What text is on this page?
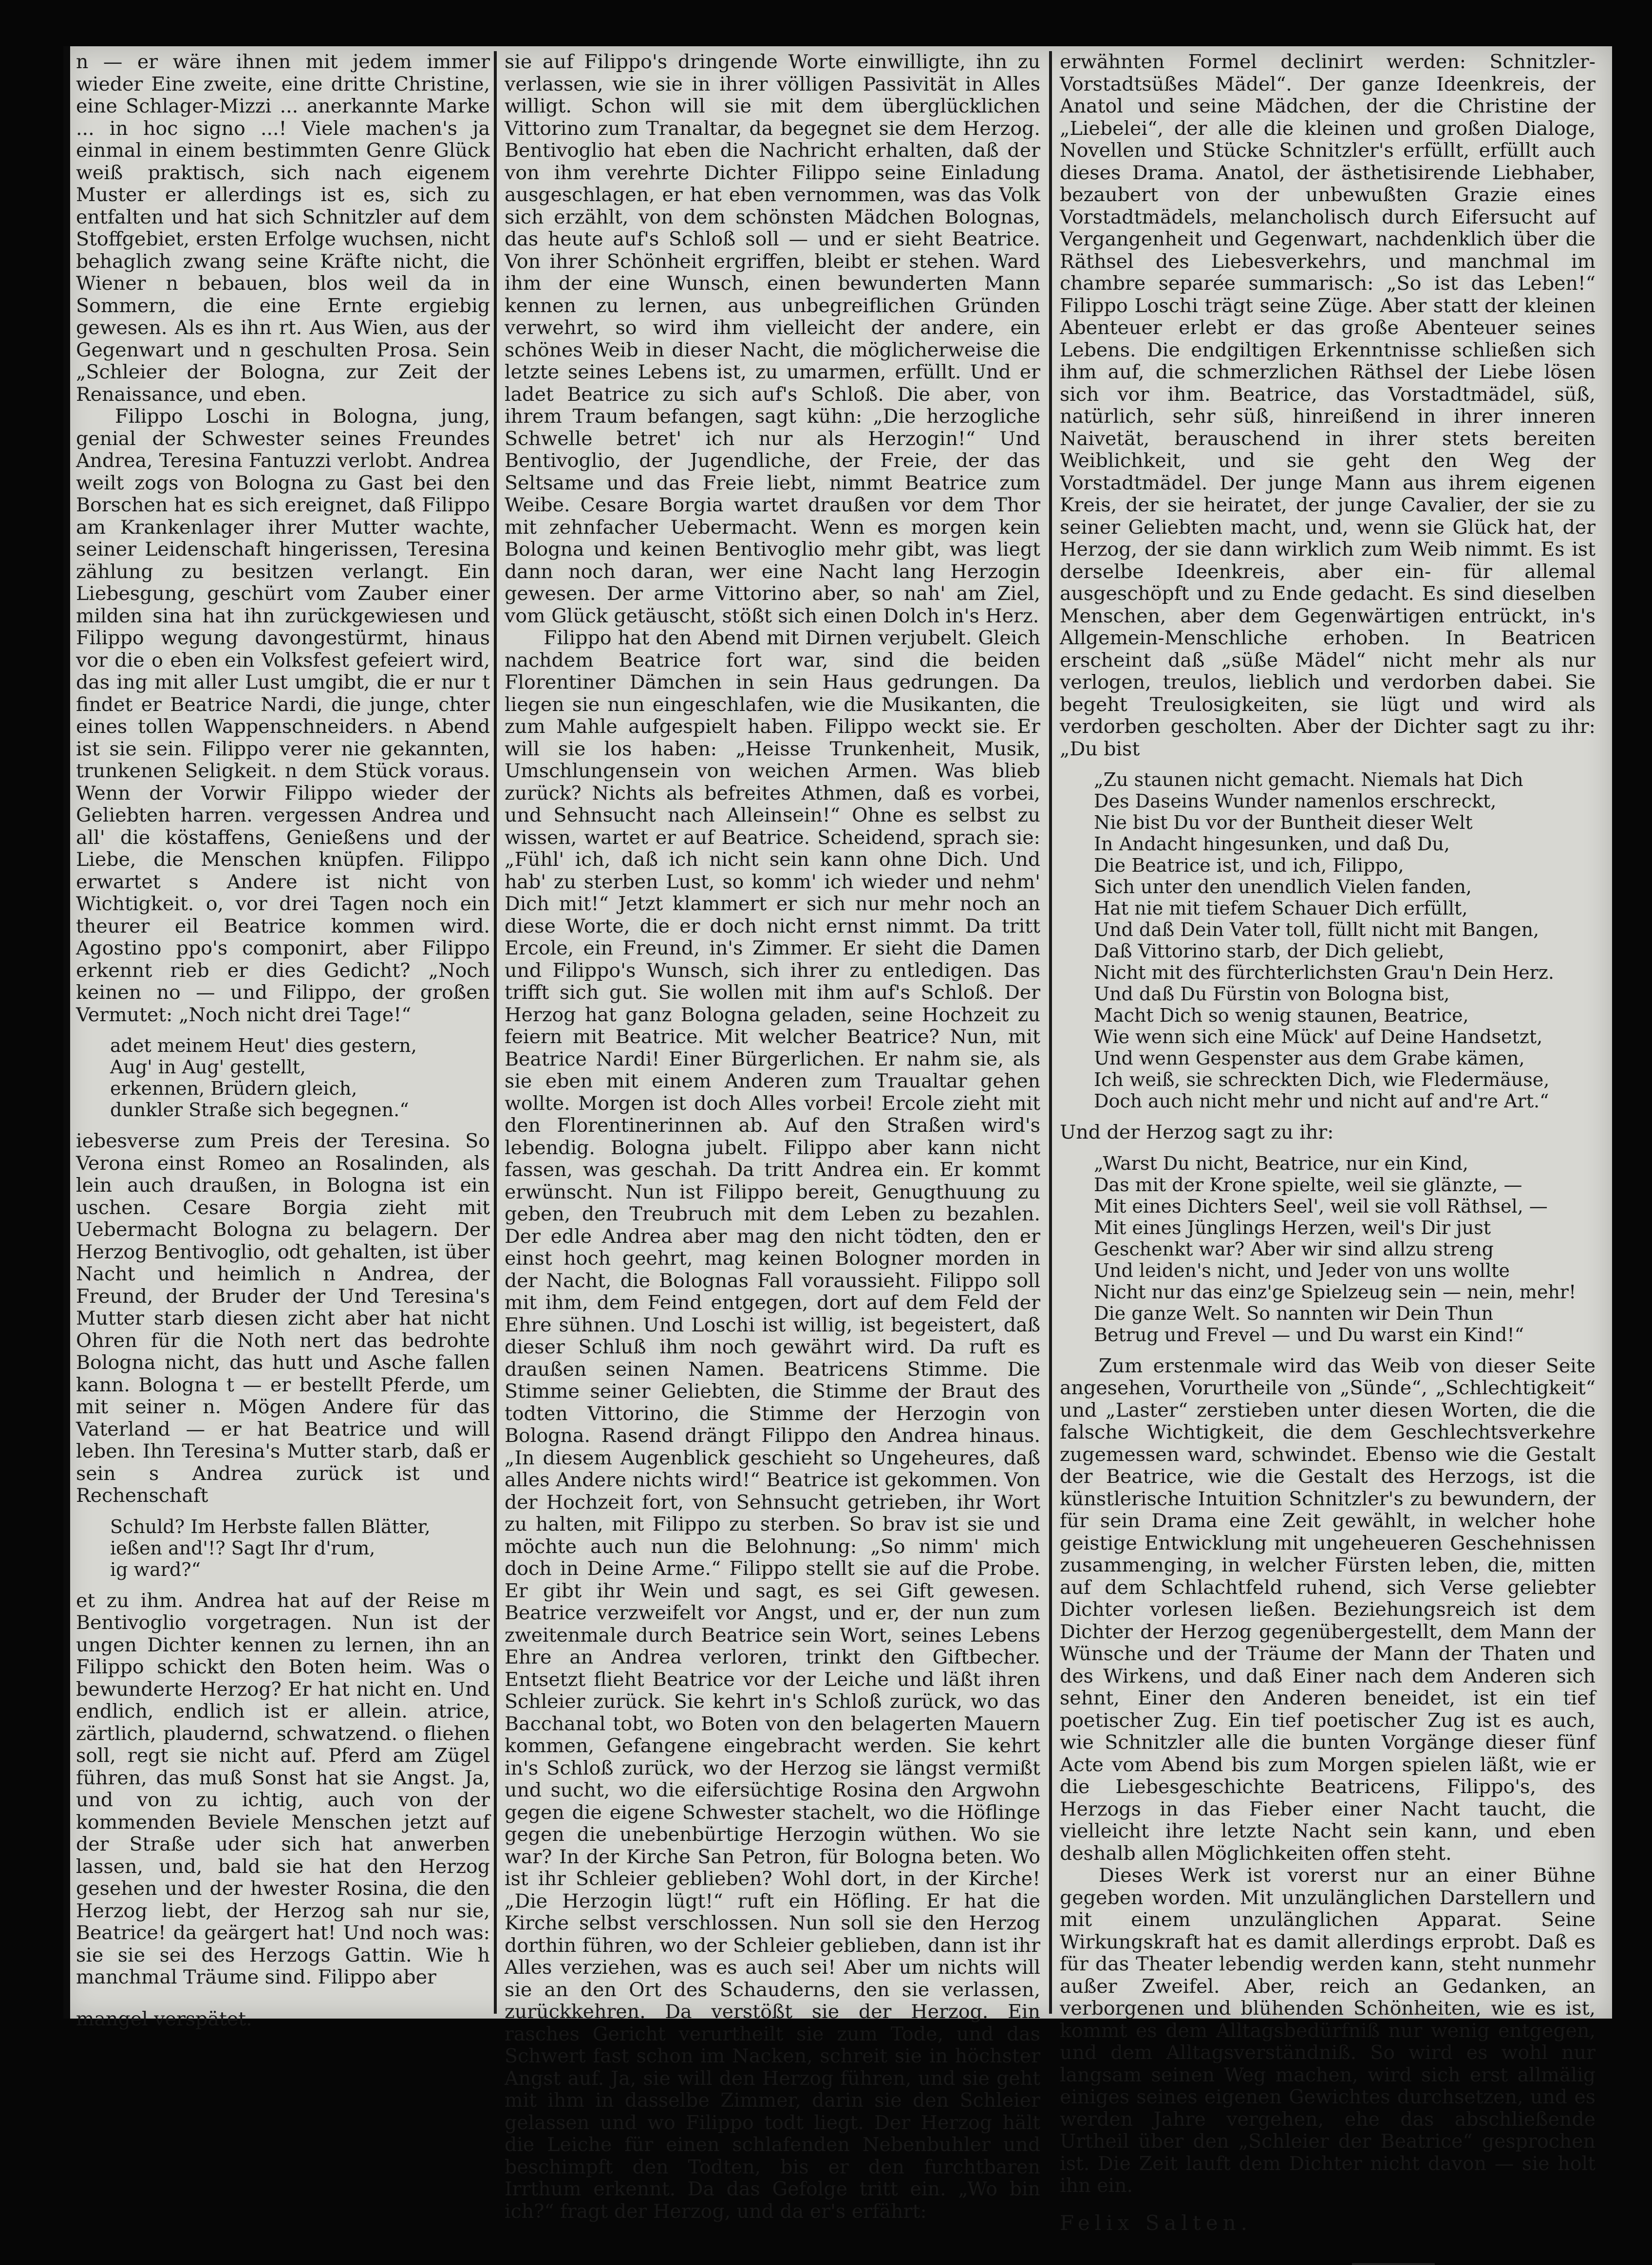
n — er wäre ihnen mit jedem immer wieder Eine zweite, eine dritte Christine, eine Schlager-Mizzi ... anerkannte Marke ... in hoc signo ...! Viele machen's ja einmal in einem bestimmten Genre Glück weiß praktisch, sich nach eigenem Muster er allerdings ist es, sich zu entfalten und hat sich Schnitzler auf dem Stoffgebiet, ersten Erfolge wuchsen, nicht behaglich zwang seine Kräfte nicht, die Wiener n bebauen, blos weil da in Sommern, die eine Ernte ergiebig gewesen. Als es ihn rt. Aus Wien, aus der Gegenwart und n geschulten Prosa. Sein „Schleier der Bologna, zur Zeit der Renaissance, und eben.

Filippo Loschi in Bologna, jung, genial der Schwester seines Freundes Andrea, Teresina Fantuzzi verlobt. Andrea weilt zogs von Bologna zu Gast bei den Borschen hat es sich ereignet, daß Filippo am Krankenlager ihrer Mutter wachte, seiner Leidenschaft hingerissen, Teresina zählung zu besitzen verlangt. Ein Liebesgung, geschürt vom Zauber einer milden sina hat ihn zurückgewiesen und Filippo wegung davongestürmt, hinaus vor die o eben ein Volksfest gefeiert wird, das ing mit aller Lust umgibt, die er nur t findet er Beatrice Nardi, die junge, chter eines tollen Wappenschneiders. n Abend ist sie sein. Filippo verer nie gekannten, trunkenen Seligkeit. n dem Stück voraus. Wenn der Vorwir Filippo wieder der Geliebten harren. vergessen Andrea und all' die köstaffens, Genießens und der Liebe, die Menschen knüpfen. Filippo erwartet s Andere ist nicht von Wichtigkeit. o, vor drei Tagen noch ein theurer eil Beatrice kommen wird. Agostino ppo's componirt, aber Filippo erkennt rieb er dies Gedicht? „Noch keinen no — und Filippo, der großen Vermutet: „Noch nicht drei Tage!“

adet meinem Heut' dies gestern,
Aug' in Aug' gestellt,
erkennen, Brüdern gleich,
dunkler Straße sich begegnen.“

iebesverse zum Preis der Teresina. So Verona einst Romeo an Rosalinden, als lein auch draußen, in Bologna ist ein uschen. Cesare Borgia zieht mit Uebermacht Bologna zu belagern. Der Herzog Bentivoglio, odt gehalten, ist über Nacht und heimlich n Andrea, der Freund, der Bruder der Und Teresina's Mutter starb diesen zicht aber hat nicht Ohren für die Noth nert das bedrohte Bologna nicht, das hutt und Asche fallen kann. Bologna t — er bestellt Pferde, um mit seiner n. Mögen Andere für das Vaterland — er hat Beatrice und will leben. Ihn Teresina's Mutter starb, daß er sein s Andrea zurück ist und Rechenschaft

Schuld? Im Herbste fallen Blätter,
ießen and'!? Sagt Ihr d'rum,
ig ward?“

et zu ihm. Andrea hat auf der Reise m Bentivoglio vorgetragen. Nun ist der ungen Dichter kennen zu lernen, ihn an Filippo schickt den Boten heim. Was o bewunderte Herzog? Er hat nicht en. Und endlich, endlich ist er allein. atrice, zärtlich, plaudernd, schwatzend. o fliehen soll, regt sie nicht auf. Pferd am Zügel führen, das muß Sonst hat sie Angst. Ja, und von zu ichtig, auch von der kommenden Beviele Menschen jetzt auf der Straße uder sich hat anwerben lassen, und, bald sie hat den Herzog gesehen und der hwester Rosina, die den Herzog liebt, der Herzog sah nur sie, Beatrice! da geärgert hat! Und noch was: sie sie sei des Herzogs Gattin. Wie h manchmal Träume sind. Filippo aber

mangel verspätet.

sie auf Filippo's dringende Worte einwilligte, ihn zu verlassen, wie sie in ihrer völligen Passivität in Alles willigt. Schon will sie mit dem überglücklichen Vittorino zum Tranaltar, da begegnet sie dem Herzog. Bentivoglio hat eben die Nachricht erhalten, daß der von ihm verehrte Dichter Filippo seine Einladung ausgeschlagen, er hat eben vernommen, was das Volk sich erzählt, von dem schönsten Mädchen Bolognas, das heute auf's Schloß soll — und er sieht Beatrice. Von ihrer Schönheit ergriffen, bleibt er stehen. Ward ihm der eine Wunsch, einen bewunderten Mann kennen zu lernen, aus unbegreiflichen Gründen verwehrt, so wird ihm vielleicht der andere, ein schönes Weib in dieser Nacht, die möglicherweise die letzte seines Lebens ist, zu umarmen, erfüllt. Und er ladet Beatrice zu sich auf's Schloß. Die aber, von ihrem Traum befangen, sagt kühn: „Die herzogliche Schwelle betret' ich nur als Herzogin!“ Und Bentivoglio, der Jugendliche, der Freie, der das Seltsame und das Freie liebt, nimmt Beatrice zum Weibe. Cesare Borgia wartet draußen vor dem Thor mit zehnfacher Uebermacht. Wenn es morgen kein Bologna und keinen Bentivoglio mehr gibt, was liegt dann noch daran, wer eine Nacht lang Herzogin gewesen. Der arme Vittorino aber, so nah' am Ziel, vom Glück getäuscht, stößt sich einen Dolch in's Herz.

Filippo hat den Abend mit Dirnen verjubelt. Gleich nachdem Beatrice fort war, sind die beiden Florentiner Dämchen in sein Haus gedrungen. Da liegen sie nun eingeschlafen, wie die Musikanten, die zum Mahle aufgespielt haben. Filippo weckt sie. Er will sie los haben: „Heisse Trunkenheit, Musik, Umschlungensein von weichen Armen. Was blieb zurück? Nichts als befreites Athmen, daß es vorbei, und Sehnsucht nach Alleinsein!“ Ohne es selbst zu wissen, wartet er auf Beatrice. Scheidend, sprach sie: „Fühl' ich, daß ich nicht sein kann ohne Dich. Und hab' zu sterben Lust, so komm' ich wieder und nehm' Dich mit!“ Jetzt klammert er sich nur mehr noch an diese Worte, die er doch nicht ernst nimmt. Da tritt Ercole, ein Freund, in's Zimmer. Er sieht die Damen und Filippo's Wunsch, sich ihrer zu entledigen. Das trifft sich gut. Sie wollen mit ihm auf's Schloß. Der Herzog hat ganz Bologna geladen, seine Hochzeit zu feiern mit Beatrice. Mit welcher Beatrice? Nun, mit Beatrice Nardi! Einer Bürgerlichen. Er nahm sie, als sie eben mit einem Anderen zum Traualtar gehen wollte. Morgen ist doch Alles vorbei! Ercole zieht mit den Florentinerinnen ab. Auf den Straßen wird's lebendig. Bologna jubelt. Filippo aber kann nicht fassen, was geschah. Da tritt Andrea ein. Er kommt erwünscht. Nun ist Filippo bereit, Genugthuung zu geben, den Treubruch mit dem Leben zu bezahlen. Der edle Andrea aber mag den nicht tödten, den er einst hoch geehrt, mag keinen Bologner morden in der Nacht, die Bolognas Fall voraussieht. Filippo soll mit ihm, dem Feind entgegen, dort auf dem Feld der Ehre sühnen. Und Loschi ist willig, ist begeistert, daß dieser Schluß ihm noch gewährt wird. Da ruft es draußen seinen Namen. Beatricens Stimme. Die Stimme seiner Geliebten, die Stimme der Braut des todten Vittorino, die Stimme der Herzogin von Bologna. Rasend drängt Filippo den Andrea hinaus. „In diesem Augenblick geschieht so Ungeheures, daß alles Andere nichts wird!“ Beatrice ist gekommen. Von der Hochzeit fort, von Sehnsucht getrieben, ihr Wort zu halten, mit Filippo zu sterben. So brav ist sie und möchte auch nun die Belohnung: „So nimm' mich doch in Deine Arme.“ Filippo stellt sie auf die Probe. Er gibt ihr Wein und sagt, es sei Gift gewesen. Beatrice verzweifelt vor Angst, und er, der nun zum zweitenmale durch Beatrice sein Wort, seines Lebens Ehre an Andrea verloren, trinkt den Giftbecher. Entsetzt flieht Beatrice vor der Leiche und läßt ihren Schleier zurück. Sie kehrt in's Schloß zurück, wo das Bacchanal tobt, wo Boten von den belagerten Mauern kommen, Gefangene eingebracht werden. Sie kehrt in's Schloß zurück, wo der Herzog sie längst vermißt und sucht, wo die eifersüchtige Rosina den Argwohn gegen die eigene Schwester stachelt, wo die Höflinge gegen die unebenbürtige Herzogin wüthen. Wo sie war? In der Kirche San Petron, für Bologna beten. Wo ist ihr Schleier geblieben? Wohl dort, in der Kirche! „Die Herzogin lügt!“ ruft ein Höfling. Er hat die Kirche selbst verschlossen. Nun soll sie den Herzog dorthin führen, wo der Schleier geblieben, dann ist ihr Alles verziehen, was es auch sei! Aber um nichts will sie an den Ort des Schauderns, den sie verlassen, zurückkehren. Da verstößt sie der Herzog. Ein rasches Gericht verurtheilt sie zum Tode, und das Schwert fast schon im Nacken, schreit sie in höchster Angst auf. Ja, sie will den Herzog führen, und sie geht mit ihm in dasselbe Zimmer, darin sie den Schleier gelassen und wo Filippo todt liegt. Der Herzog hält die Leiche für einen schlafenden Nebenbuhler und beschimpft den Todten, bis er den furchtbaren Irrthum erkennt. Da das Gefolge tritt ein. „Wo bin ich?“ fragt der Herzog, und da er's erfährt:

erwähnten Formel declinirt werden: Schnitzler-Vorstadtsüßes Mädel“. Der ganze Ideenkreis, der Anatol und seine Mädchen, der die Christine der „Liebelei“, der alle die kleinen und großen Dialoge, Novellen und Stücke Schnitzler's erfüllt, erfüllt auch dieses Drama. Anatol, der ästhetisirende Liebhaber, bezaubert von der unbewußten Grazie eines Vorstadtmädels, melancholisch durch Eifersucht auf Vergangenheit und Gegenwart, nachdenklich über die Räthsel des Liebesverkehrs, und manchmal im chambre separée summarisch: „So ist das Leben!“ Filippo Loschi trägt seine Züge. Aber statt der kleinen Abenteuer erlebt er das große Abenteuer seines Lebens. Die endgiltigen Erkenntnisse schließen sich ihm auf, die schmerzlichen Räthsel der Liebe lösen sich vor ihm. Beatrice, das Vorstadtmädel, süß, natürlich, sehr süß, hinreißend in ihrer inneren Naivetät, berauschend in ihrer stets bereiten Weiblichkeit, und sie geht den Weg der Vorstadtmädel. Der junge Mann aus ihrem eigenen Kreis, der sie heiratet, der junge Cavalier, der sie zu seiner Geliebten macht, und, wenn sie Glück hat, der Herzog, der sie dann wirklich zum Weib nimmt. Es ist derselbe Ideenkreis, aber ein- für allemal ausgeschöpft und zu Ende gedacht. Es sind dieselben Menschen, aber dem Gegenwärtigen entrückt, in's Allgemein-Menschliche erhoben. In Beatricen erscheint daß „süße Mädel“ nicht mehr als nur verlogen, treulos, lieblich und verdorben dabei. Sie begeht Treulosigkeiten, sie lügt und wird als verdorben gescholten. Aber der Dichter sagt zu ihr: „Du bist

„Zu staunen nicht gemacht. Niemals hat Dich
Des Daseins Wunder namenlos erschreckt,
Nie bist Du vor der Buntheit dieser Welt
In Andacht hingesunken, und daß Du,
Die Beatrice ist, und ich, Filippo,
Sich unter den unendlich Vielen fanden,
Hat nie mit tiefem Schauer Dich erfüllt,
Und daß Dein Vater toll, füllt nicht mit Bangen,
Daß Vittorino starb, der Dich geliebt,
Nicht mit des fürchterlichsten Grau'n Dein Herz.
Und daß Du Fürstin von Bologna bist,
Macht Dich so wenig staunen, Beatrice,
Wie wenn sich eine Mück' auf Deine Handsetzt,
Und wenn Gespenster aus dem Grabe kämen,
Ich weiß, sie schreckten Dich, wie Fledermäuse,
Doch auch nicht mehr und nicht auf and're Art.“

Und der Herzog sagt zu ihr:

„Warst Du nicht, Beatrice, nur ein Kind,
Das mit der Krone spielte, weil sie glänzte, —
Mit eines Dichters Seel', weil sie voll Räthsel, —
Mit eines Jünglings Herzen, weil's Dir just
Geschenkt war? Aber wir sind allzu streng
Und leiden's nicht, und Jeder von uns wollte
Nicht nur das einz'ge Spielzeug sein — nein, mehr!
Die ganze Welt. So nannten wir Dein Thun
Betrug und Frevel — und Du warst ein Kind!“

Zum erstenmale wird das Weib von dieser Seite angesehen, Vorurtheile von „Sünde“, „Schlechtigkeit“ und „Laster“ zerstieben unter diesen Worten, die die falsche Wichtigkeit, die dem Geschlechtsverkehre zugemessen ward, schwindet. Ebenso wie die Gestalt der Beatrice, wie die Gestalt des Herzogs, ist die künstlerische Intuition Schnitzler's zu bewundern, der für sein Drama eine Zeit gewählt, in welcher hohe geistige Entwicklung mit ungeheueren Geschehnissen zusammenging, in welcher Fürsten leben, die, mitten auf dem Schlachtfeld ruhend, sich Verse geliebter Dichter vorlesen ließen. Beziehungsreich ist dem Dichter der Herzog gegenübergestellt, dem Mann der Wünsche und der Träume der Mann der Thaten und des Wirkens, und daß Einer nach dem Anderen sich sehnt, Einer den Anderen beneidet, ist ein tief poetischer Zug. Ein tief poetischer Zug ist es auch, wie Schnitzler alle die bunten Vorgänge dieser fünf Acte vom Abend bis zum Morgen spielen läßt, wie er die Liebesgeschichte Beatricens, Filippo's, des Herzogs in das Fieber einer Nacht taucht, die vielleicht ihre letzte Nacht sein kann, und eben deshalb allen Möglichkeiten offen steht.

Dieses Werk ist vorerst nur an einer Bühne gegeben worden. Mit unzulänglichen Darstellern und mit einem unzulänglichen Apparat. Seine Wirkungskraft hat es damit allerdings erprobt. Daß es für das Theater lebendig werden kann, steht nunmehr außer Zweifel. Aber, reich an Gedanken, an verborgenen und blühenden Schönheiten, wie es ist, kommt es dem Alltagsbedürfniß nur wenig entgegen, und dem Alltagsverständniß. So wird es wohl nur langsam seinen Weg machen, wird sich erst allmälig einiges seines eigenen Gewichtes durchsetzen, und es werden Jahre vergehen, ehe das abschließende Urtheil über den „Schleier der Beatrice“ gesprochen ist. Die Zeit lauft dem Dichter nicht davon — sie holt ihn ein.

Felix Salten.
